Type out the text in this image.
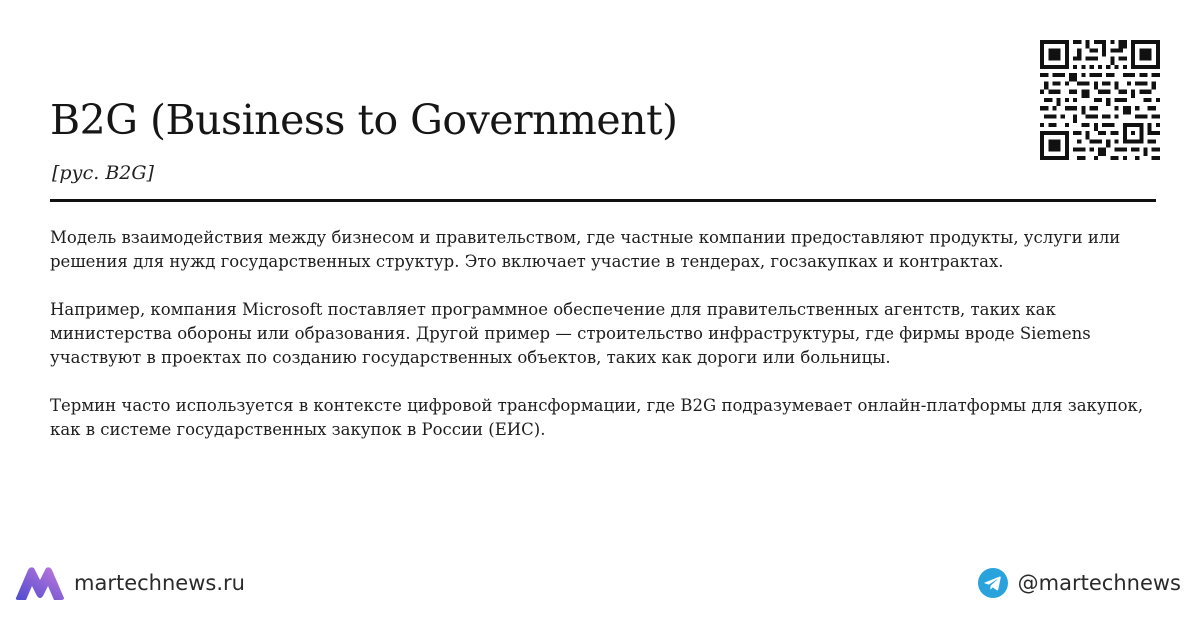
B2G (Business to Government)
[рус. B2G]

Модель взаимодействия между бизнесом и правительством, где частные компании предоставляют продукты, услуги или решения для нужд государственных структур. Это включает участие в тендерах, госзакупках и контрактах.

Например, компания Microsoft поставляет программное обеспечение для правительственных агентств, таких как министерства обороны или образования. Другой пример — строительство инфраструктуры, где фирмы вроде Siemens участвуют в проектах по созданию государственных объектов, таких как дороги или больницы.

Термин часто используется в контексте цифровой трансформации, где B2G подразумевает онлайн-платформы для закупок, как в системе государственных закупок в России (ЕИС).

martechnews.ru	@martechnews
